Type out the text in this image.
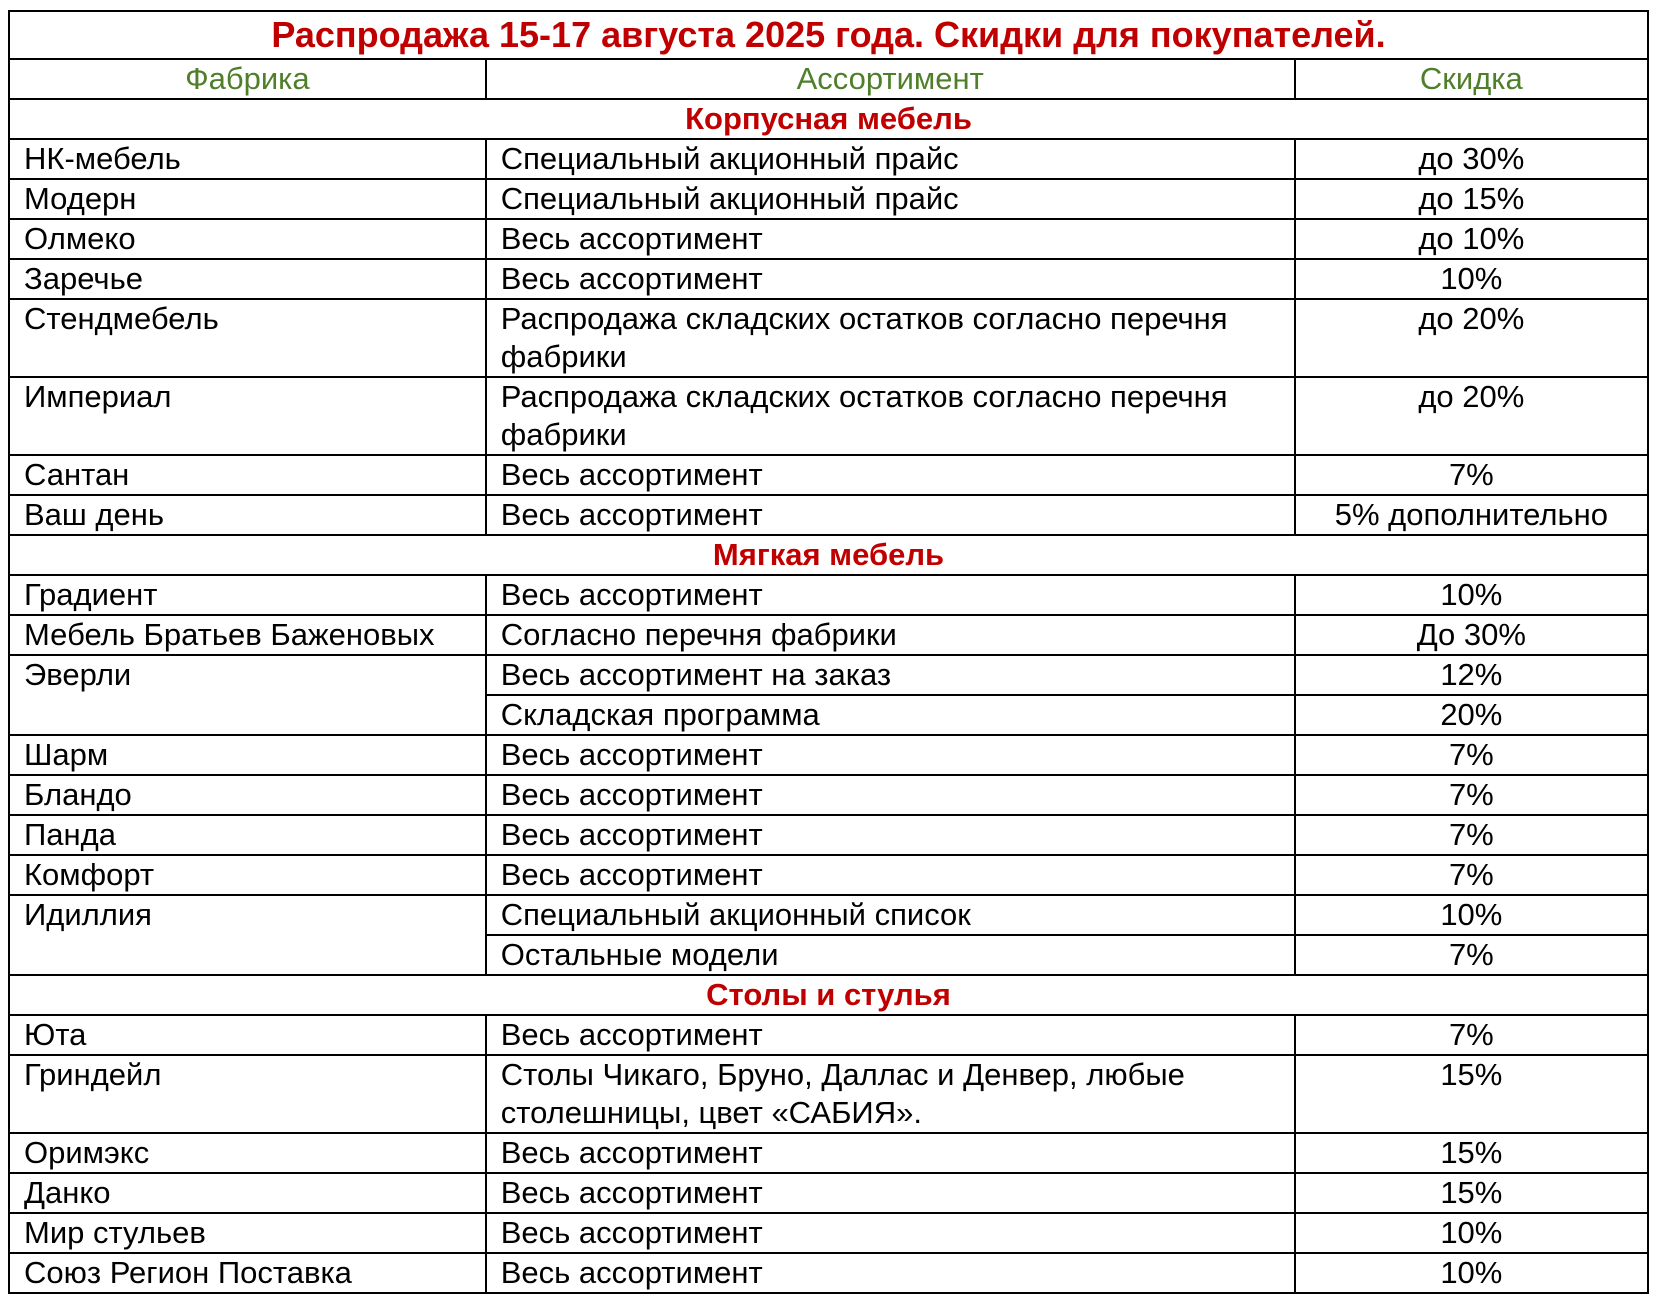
Распродажа 15-17 августа 2025 года. Скидки для покупателей.		
Фабрика	Ассортимент	Скидка
Корпусная мебель		
НК-мебель	Специальный акционный прайс	до 30%
Модерн	Специальный акционный прайс	до 15%
Олмеко	Весь ассортимент	до 10%
Заречье	Весь ассортимент	10%
Стендмебель	Распродажа складских остатков согласно перечня фабрики	до 20%
Империал	Распродажа складских остатков согласно перечня фабрики	до 20%
Сантан	Весь ассортимент	7%
Ваш день	Весь ассортимент	5% дополнительно
Мягкая мебель		
Градиент	Весь ассортимент	10%
Мебель Братьев Баженовых	Согласно перечня фабрики	До 30%
Эверли	Весь ассортимент на заказ	12%
	Складская программа	20%
Шарм	Весь ассортимент	7%
Бландо	Весь ассортимент	7%
Панда	Весь ассортимент	7%
Комфорт	Весь ассортимент	7%
Идиллия	Специальный акционный список	10%
	Остальные модели	7%
Столы и стулья		
Юта	Весь ассортимент	7%
Гриндейл	Столы Чикаго, Бруно, Даллас и Денвер, любые столешницы, цвет «САБИЯ».	15%
Оримэкс	Весь ассортимент	15%
Данко	Весь ассортимент	15%
Мир стульев	Весь ассортимент	10%
Союз Регион Поставка	Весь ассортимент	10%
